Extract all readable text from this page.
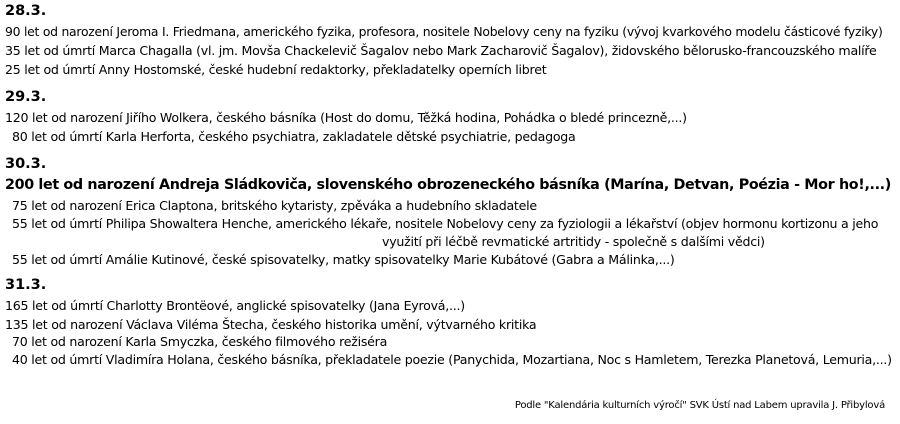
28.3.
90 let od narození Jeroma I. Friedmana, amerického fyzika, profesora, nositele Nobelovy ceny na fyziku (vývoj kvarkového modelu částicové fyziky)
35 let od úmrtí Marca Chagalla (vl. jm. Movša Chackelevič Šagalov nebo Mark Zacharovič Šagalov), židovského bělorusko-francouzského malíře
25 let od úmrtí Anny Hostomské, české hudební redaktorky, překladatelky operních libret
29.3.
120 let od narození Jiřího Wolkera, českého básníka (Host do domu, Těžká hodina, Pohádka o bledé princezně,...)
80 let od úmrtí Karla Herforta, českého psychiatra, zakladatele dětské psychiatrie, pedagoga
30.3.
200 let od narození Andreja Sládkoviča, slovenského obrozeneckého básníka (Marína, Detvan, Poézia - Mor ho!,...)
75 let od narození Erica Claptona, britského kytaristy, zpěváka a hudebního skladatele
55 let od úmrtí Philipa Showaltera Henche, amerického lékaře, nositele Nobelovy ceny za fyziologii a lékařství (objev hormonu kortizonu a jeho
využití při léčbě revmatické artritidy - společně s dalšími vědci)
55 let od úmrtí Amálie Kutinové, české spisovatelky, matky spisovatelky Marie Kubátové (Gabra a Málinka,...)
31.3.
165 let od úmrtí Charlotty Brontëové, anglické spisovatelky (Jana Eyrová,...)
135 let od narození Václava Viléma Štecha, českého historika umění, výtvarného kritika
70 let od narození Karla Smyczka, českého filmového režiséra
40 let od úmrtí Vladimíra Holana, českého básníka, překladatele poezie (Panychida, Mozartiana, Noc s Hamletem, Terezka Planetová, Lemuria,...)
Podle "Kalendária kulturních výročí" SVK Ústí nad Labem upravila J. Přibylová
